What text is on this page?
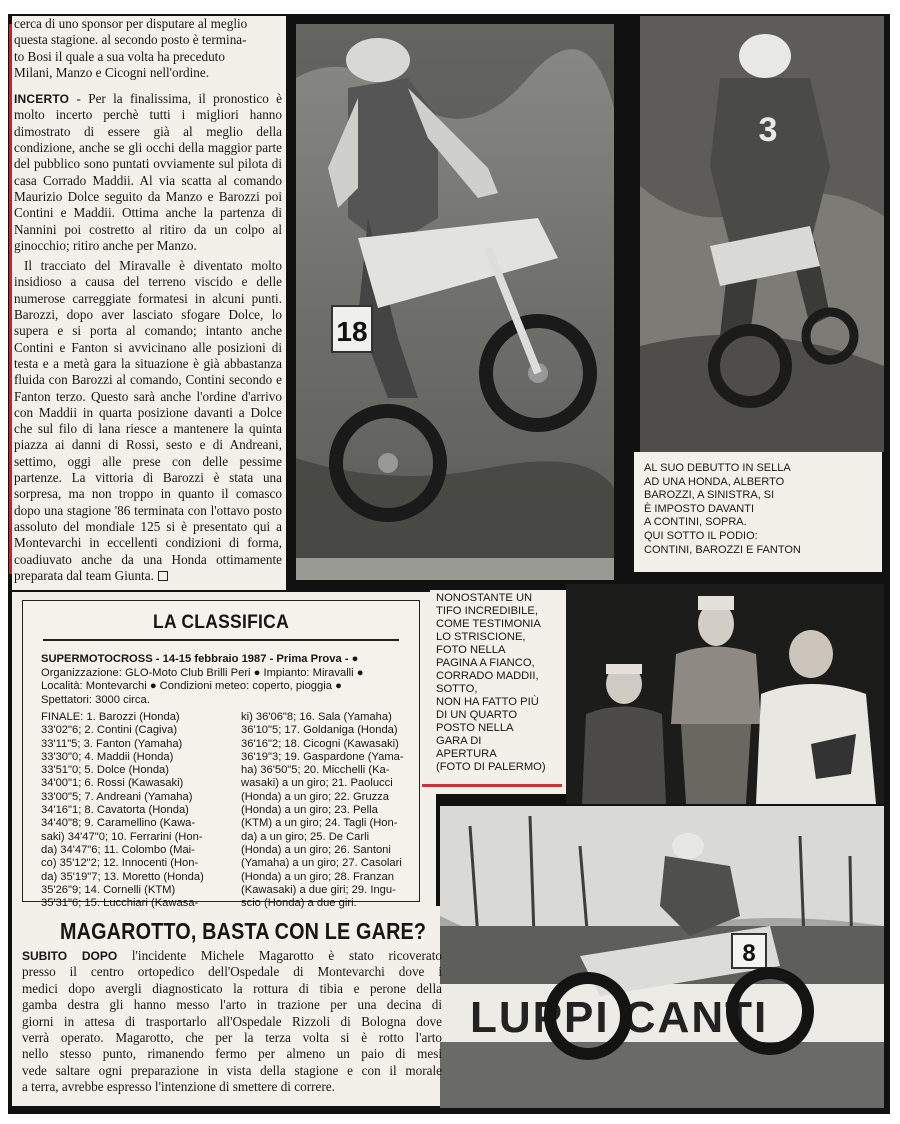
cerca di uno sponsor per disputare al meglio
questa stagione. al secondo posto è termina-
to Bosi il quale a sua volta ha preceduto
Milani, Manzo e Cicogni nell'ordine.

INCERTO - Per la finalissima, il pronostico è molto incerto perchè tutti i migliori hanno dimostrato di essere già al meglio della condizione, anche se gli occhi della maggior parte del pubblico sono puntati ovviamente sul pilota di casa Corrado Maddii. Al via scatta al comando Maurizio Dolce seguito da Manzo e Barozzi poi Contini e Maddii. Ottima anche la partenza di Nannini poi costretto al ritiro da un colpo al ginocchio; ritiro anche per Manzo.

Il tracciato del Miravalle è diventato molto insidioso a causa del terreno viscido e delle numerose carreggiate formatesi in alcuni punti. Barozzi, dopo aver lasciato sfogare Dolce, lo supera e si porta al comando; intanto anche Contini e Fanton si avvicinano alle posizioni di testa e a metà gara la situazione è già abbastanza fluida con Barozzi al comando, Contini secondo e Fanton terzo. Questo sarà anche l'ordine d'arrivo con Maddii in quarta posizione davanti a Dolce che sul filo di lana riesce a mantenere la quinta piazza ai danni di Rossi, sesto e di Andreani, settimo, oggi alle prese con delle pessime partenze. La vittoria di Barozzi è stata una sorpresa, ma non troppo in quanto il comasco dopo una stagione '86 terminata con l'ottavo posto assoluto del mondiale 125 si è presentato qui a Montevarchi in eccellenti condizioni di forma, coadiuvato anche da una Honda ottimamente preparata dal team Giunta.

18
3
AL SUO DEBUTTO IN SELLA
AD UNA HONDA, ALBERTO
BAROZZI, A SINISTRA, SI
È IMPOSTO DAVANTI
A CONTINI, SOPRA.
QUI SOTTO IL PODIO:
CONTINI, BAROZZI E FANTON
LA CLASSIFICA
SUPERMOTOCROSS - 14-15 febbraio 1987 - Prima Prova - ●
Organizzazione: GLO-Moto Club Brilli Peri ● Impianto: Miravalli ●
Località: Montevarchi ● Condizioni meteo: coperto, pioggia ●
Spettatori: 3000 circa.
FINALE: 1. Barozzi (Honda)
33'02"6; 2. Contini (Cagiva)
33'11"5; 3. Fanton (Yamaha)
33'30"0; 4. Maddii (Honda)
33'51"0; 5. Dolce (Honda)
34'00"1; 6. Rossi (Kawasaki)
33'00"5; 7. Andreani (Yamaha)
34'16"1; 8. Cavatorta (Honda)
34'40"8; 9. Caramellino (Kawa-
saki) 34'47"0; 10. Ferrarini (Hon-
da) 34'47"6; 11. Colombo (Mai-
co) 35'12"2; 12. Innocenti (Hon-
da) 35'19"7; 13. Moretto (Honda)
35'26"9; 14. Cornelli (KTM)
35'31"6; 15. Lucchiari (Kawasa-
ki) 36'06"8; 16. Sala (Yamaha)
36'10"5; 17. Goldaniga (Honda)
36'16"2; 18. Cicogni (Kawasaki)
36'19"3; 19. Gaspardone (Yama-
ha) 36'50"5; 20. Micchelli (Ka-
wasaki) a un giro; 21. Paolucci
(Honda) a un giro; 22. Gruzza
(Honda) a un giro; 23. Pella
(KTM) a un giro; 24. Tagli (Hon-
da) a un giro; 25. De Carli
(Honda) a un giro; 26. Santoni
(Yamaha) a un giro; 27. Casolari
(Honda) a un giro; 28. Franzan
(Kawasaki) a due giri; 29. Ingu-
scio (Honda) a due giri.
NONOSTANTE UN
TIFO INCREDIBILE,
COME TESTIMONIA
LO STRISCIONE,
FOTO NELLA
PAGINA A FIANCO,
CORRADO MADDII,
SOTTO,
NON HA FATTO PIÙ
DI UN QUARTO
POSTO NELLA
GARA DI
APERTURA
(FOTO DI PALERMO)
LUPPI CANTI
8
MAGAROTTO, BASTA CON LE GARE?
SUBITO DOPO l'incidente Michele Magarotto è stato ricoverato
presso il centro ortopedico dell'Ospedale di Montevarchi dove i
medici dopo avergli diagnosticato la rottura di tibia e perone della
gamba destra gli hanno messo l'arto in trazione per una decina di
giorni in attesa di trasportarlo all'Ospedale Rizzoli di Bologna dove
verrà operato. Magarotto, che per la terza volta si è rotto l'arto
nello stesso punto, rimanendo fermo per almeno un paio di mesi
vede saltare ogni preparazione in vista della stagione e con il morale
a terra, avrebbe espresso l'intenzione di smettere di correre.
